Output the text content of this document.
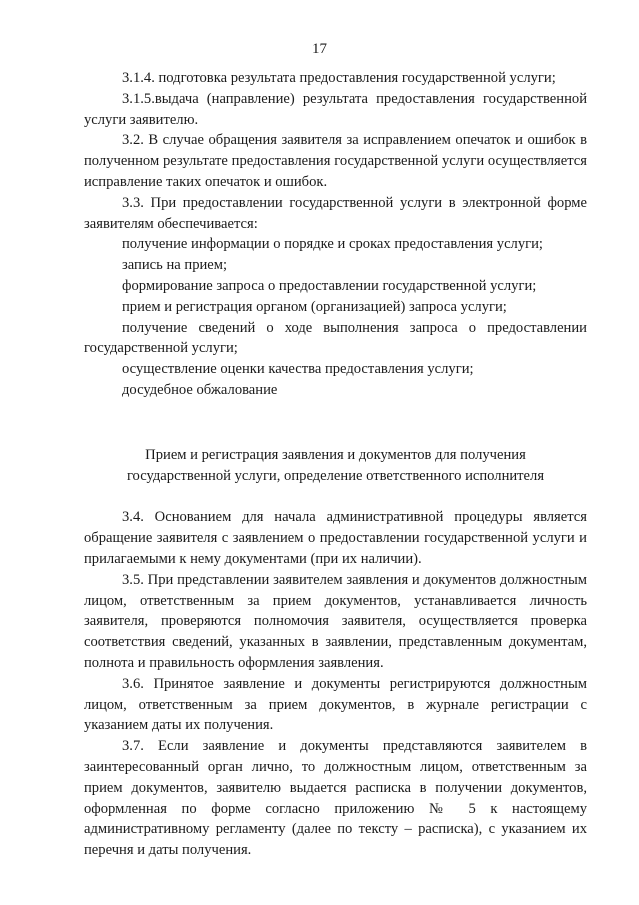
17

3.1.4. подготовка результата предоставления государственной услуги;

3.1.5.выдача (направление) результата предоставления государственной услуги заявителю.

3.2. В случае обращения заявителя за исправлением опечаток и ошибок в полученном результате предоставления государственной услуги осуществляется исправление таких опечаток и ошибок.

3.3. При предоставлении государственной услуги в электронной форме заявителям обеспечивается:

получение информации о порядке и сроках предоставления услуги;

запись на прием;

формирование запроса о предоставлении государственной услуги;

прием и регистрация органом (организацией) запроса услуги;

получение сведений о ходе выполнения запроса о предоставлении государственной услуги;

осуществление оценки качества предоставления услуги;

досудебное обжалование

Прием и регистрация заявления и документов для получения государственной услуги, определение ответственного исполнителя

3.4. Основанием для начала административной процедуры является обращение заявителя с заявлением о предоставлении государственной услуги и прилагаемыми к нему документами (при их наличии).

3.5. При представлении заявителем заявления и документов должностным лицом, ответственным за прием документов, устанавливается личность заявителя, проверяются полномочия заявителя, осуществляется проверка соответствия сведений, указанных в заявлении, представленным документам, полнота и правильность оформления заявления.

3.6. Принятое заявление и документы регистрируются должностным лицом, ответственным за прием документов, в журнале регистрации с указанием даты их получения.

3.7. Если заявление и документы представляются заявителем в заинтересованный орган лично, то должностным лицом, ответственным за прием документов, заявителю выдается расписка в получении документов, оформленная по форме согласно приложению № 5 к настоящему административному регламенту (далее по тексту – расписка), с указанием их перечня и даты получения.
